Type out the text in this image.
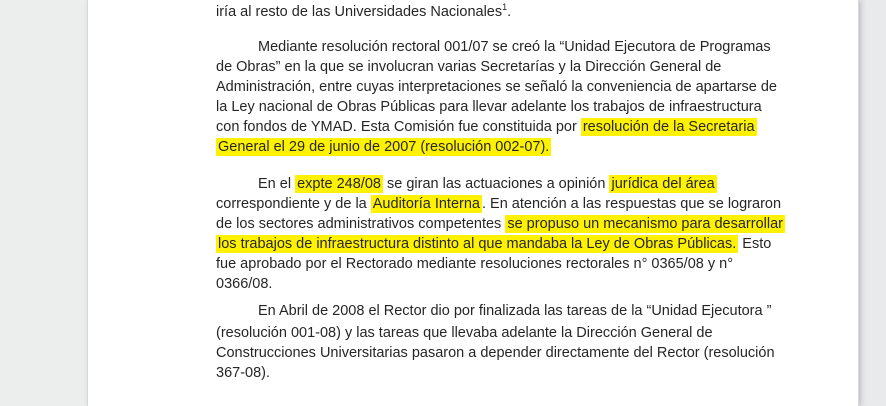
iría al resto de las Universidades Nacionales$^1$.
Mediante resolución rectoral 001/07 se creó la “Unidad Ejecutora de Programas
de Obras” en la que se involucran varias Secretarías y la Dirección General de
Administración, entre cuyas interpretaciones se señaló la conveniencia de apartarse de
la Ley nacional de Obras Públicas para llevar adelante los trabajos de infraestructura
con fondos de YMAD. Esta Comisión fue constituida por resolución de la Secretaria
General el 29 de junio de 2007 (resolución 002-07).
En el expte 248/08 se giran las actuaciones a opinión jurídica del área
correspondiente y de la Auditoría Interna . En atención a las respuestas que se lograron
de los sectores administrativos competentes se propuso un mecanismo para desarrollar
los trabajos de infraestructura distinto al que mandaba la Ley de Obras Públicas. Esto
fue aprobado por el Rectorado mediante resoluciones rectorales n° 0365/08 y n°
0366/08.
En Abril de 2008 el Rector dio por finalizada las tareas de la “Unidad Ejecutora ”
(resolución 001-08) y las tareas que llevaba adelante la Dirección General de
Construcciones Universitarias pasaron a depender directamente del Rector (resolución
367-08).
